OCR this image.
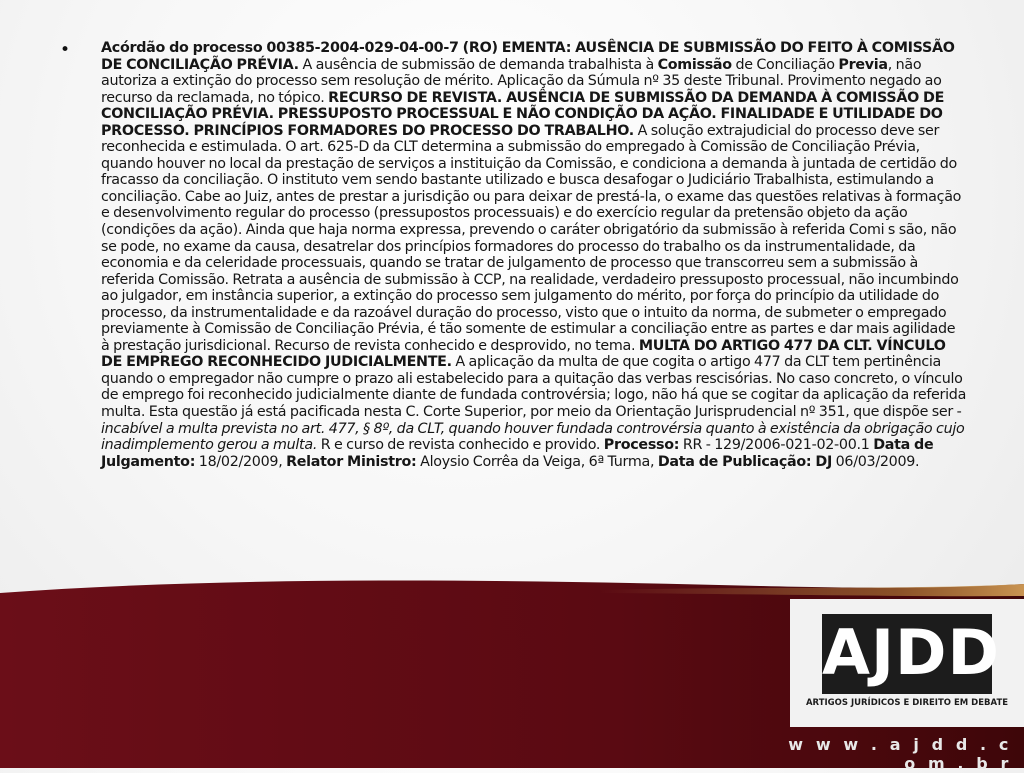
• Acórdão do processo 00385-2004-029-04-00-7 (RO) EMENTA: AUSÊNCIA DE SUBMISSÃO DO FEITO À COMISSÃO DE CONCILIAÇÃO PRÉVIA. A ausência de submissão de demanda trabalhista à Comissão de Conciliação Previa, não autoriza a extinção do processo sem resolução de mérito. Aplicação da Súmula nº 35 deste Tribunal. Provimento negado ao recurso da reclamada, no tópico. RECURSO DE REVISTA. AUSÊNCIA DE SUBMISSÃO DA DEMANDA À COMISSÃO DE CONCILIAÇÃO PRÉVIA. PRESSUPOSTO PROCESSUAL E NÃO CONDIÇÃO DA AÇÃO. FINALIDADE E UTILIDADE DO PROCESSO. PRINCÍPIOS FORMADORES DO PROCESSO DO TRABALHO. A solução extrajudicial do processo deve ser reconhecida e estimulada. O art. 625-D da CLT determina a submissão do empregado à Comissão de Conciliação Prévia, quando houver no local da prestação de serviços a instituição da Comissão, e condiciona a demanda à juntada de certidão do fracasso da conciliação. O instituto vem sendo bastante utilizado e busca desafogar o Judiciário Trabalhista, estimulando a conciliação. Cabe ao Juiz, antes de prestar a jurisdição ou para deixar de prestá-la, o exame das questões relativas à formação e desenvolvimento regular do processo (pressupostos processuais) e do exercício regular da pretensão objeto da ação (condições da ação). Ainda que haja norma expressa, prevendo o caráter obrigatório da submissão à referida Comi s são, não se pode, no exame da causa, desatrelar dos princípios formadores do processo do trabalho os da instrumentalidade, da economia e da celeridade processuais, quando se tratar de julgamento de processo que transcorreu sem a submissão à referida Comissão. Retrata a ausência de submissão à CCP, na realidade, verdadeiro pressuposto processual, não incumbindo ao julgador, em instância superior, a extinção do processo sem julgamento do mérito, por força do princípio da utilidade do processo, da instrumentalidade e da razoável duração do processo, visto que o intuito da norma, de submeter o empregado previamente à Comissão de Conciliação Prévia, é tão somente de estimular a conciliação entre as partes e dar mais agilidade à prestação jurisdicional. Recurso de revista conhecido e desprovido, no tema. MULTA DO ARTIGO 477 DA CLT. VÍNCULO DE EMPREGO RECONHECIDO JUDICIALMENTE. A aplicação da multa de que cogita o artigo 477 da CLT tem pertinência quando o empregador não cumpre o prazo ali estabelecido para a quitação das verbas rescisórias. No caso concreto, o vínculo de emprego foi reconhecido judicialmente diante de fundada controvérsia; logo, não há que se cogitar da aplicação da referida multa. Esta questão já está pacificada nesta C. Corte Superior, por meio da Orientação Jurisprudencial nº 351, que dispõe ser -incabível a multa prevista no art. 477, § 8º, da CLT, quando houver fundada controvérsia quanto à existência da obrigação cujo inadimplemento gerou a multa. R e curso de revista conhecido e provido. Processo: RR - 129/2006-021-02-00.1 Data de Julgamento: 18/02/2009, Relator Ministro: Aloysio Corrêa da Veiga, 6ª Turma, Data de Publicação: DJ 06/03/2009.
AJDD
ARTIGOS JURÍDICOS E DIREITO EM DEBATE
w w w . a j d d . c o m . b r
